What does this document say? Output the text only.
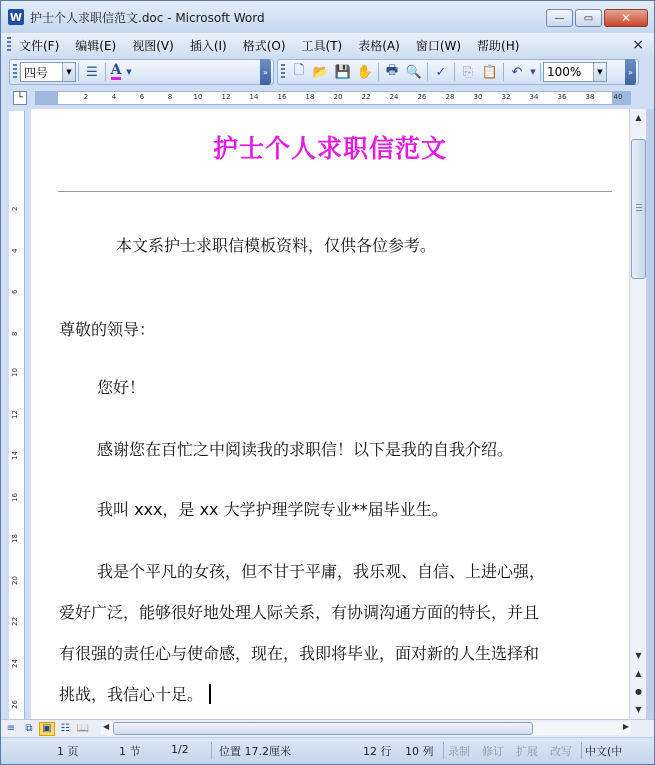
W 护士个人求职信范文.doc - Microsoft Word	—	▭	✕
文件(F)	编辑(E)	视图(V)	插入(I)	格式(O)	工具(T)	表格(A)	窗口(W)	帮助(H)	×
四号	▼	☰ A ▼	»	🗋 📂 💾 ✋ 🖶 🔍	✓	⎘ 📋	↶	▼ 100%	▼	»
└	2	4	6	8	10	12	14	16	18	20	22	24	26	28	30	32	34	36	38	40
2
4
6
8
10
12
14
16
18
20
22
24
26
护士个人求职信范文
本文系护士求职信模板资料，仅供各位参考。
尊敬的领导：
您好！
感谢您在百忙之中阅读我的求职信！以下是我的自我介绍。
我叫 xxx，是 xx 大学护理学院专业**届毕业生。
我是个平凡的女孩，但不甘于平庸，我乐观、自信、上进心强，
爱好广泛，能够很好地处理人际关系，有协调沟通方面的特长，并且
有很强的责任心与使命感，现在，我即将毕业，面对新的人生选择和
挑战，我信心十足。
▲
▼
▲
●
▼
≡	⧉ ▣ ☷ 📖 ◀	▶
1 页	1 节	1/2	位置 17.2厘米	12 行 10 列 录制 修订 扩展 改写 中文(中
